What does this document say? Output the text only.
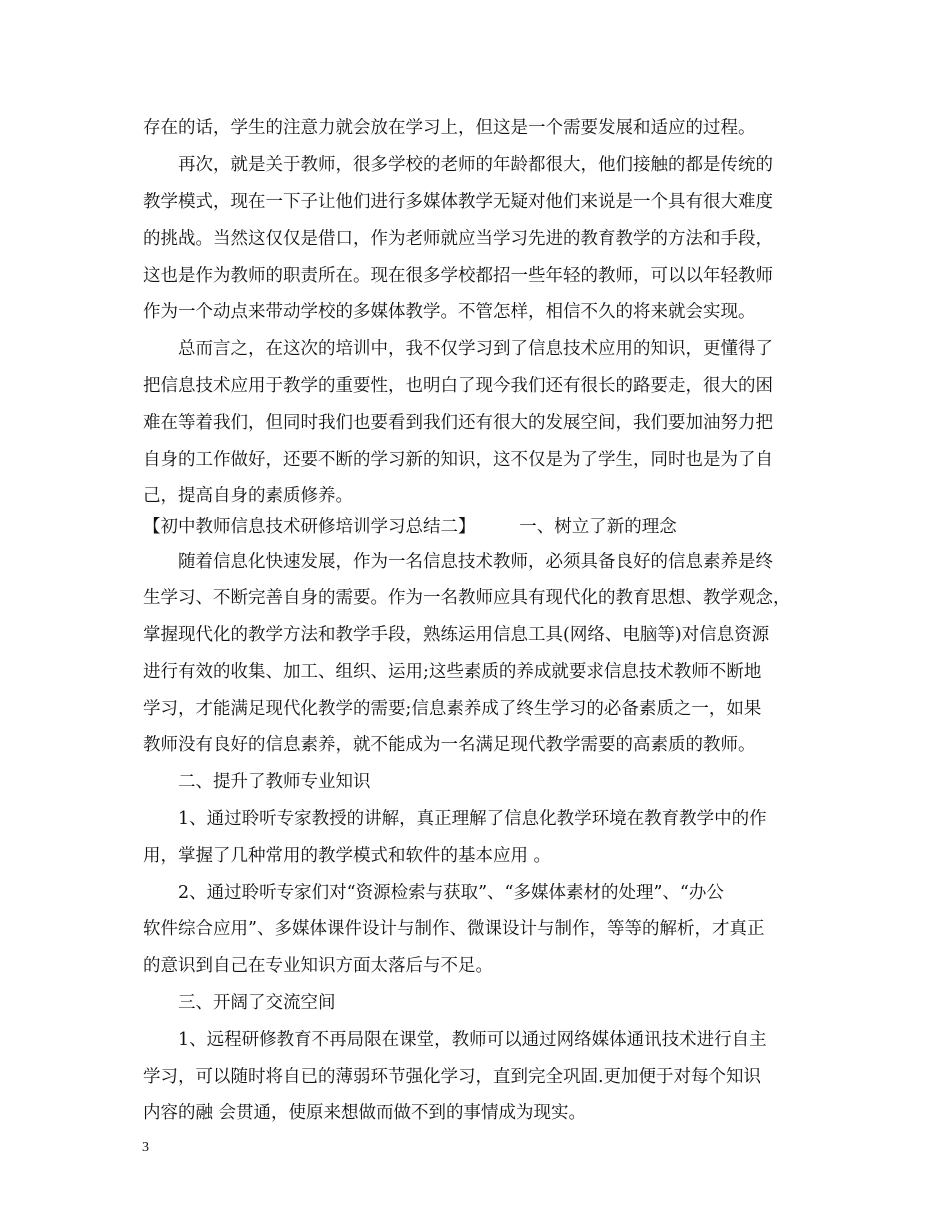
存在的话，学生的注意力就会放在学习上，但这是一个需要发展和适应的过程。
　　再次，就是关于教师，很多学校的老师的年龄都很大，他们接触的都是传统的
教学模式，现在一下子让他们进行多媒体教学无疑对他们来说是一个具有很大难度
的挑战。当然这仅仅是借口，作为老师就应当学习先进的教育教学的方法和手段，
这也是作为教师的职责所在。现在很多学校都招一些年轻的教师，可以以年轻教师
作为一个动点来带动学校的多媒体教学。不管怎样，相信不久的将来就会实现。
　　总而言之，在这次的培训中，我不仅学习到了信息技术应用的知识，更懂得了
把信息技术应用于教学的重要性，也明白了现今我们还有很长的路要走，很大的困
难在等着我们，但同时我们也要看到我们还有很大的发展空间，我们要加油努力把
自身的工作做好，还要不断的学习新的知识，这不仅是为了学生，同时也是为了自
己，提高自身的素质修养。
【初中教师信息技术研修培训学习总结二】　　　一、树立了新的理念
　　随着信息化快速发展，作为一名信息技术教师，必须具备良好的信息素养是终
生学习、不断完善自身的需要。作为一名教师应具有现代化的教育思想、教学观念，
掌握现代化的教学方法和教学手段，熟练运用信息工具(网络、电脑等)对信息资源
进行有效的收集、加工、组织、运用;这些素质的养成就要求信息技术教师不断地
学习，才能满足现代化教学的需要;信息素养成了终生学习的必备素质之一，如果
教师没有良好的信息素养，就不能成为一名满足现代教学需要的高素质的教师。
　　二、提升了教师专业知识
　　1、通过聆听专家教授的讲解，真正理解了信息化教学环境在教育教学中的作
用，掌握了几种常用的教学模式和软件的基本应用 。
　　2、通过聆听专家们对“资源检索与获取”、“多媒体素材的处理”、“办公
软件综合应用”、多媒体课件设计与制作、微课设计与制作，等等的解析，才真正
的意识到自己在专业知识方面太落后与不足。
　　三、开阔了交流空间
　　1、远程研修教育不再局限在课堂，教师可以通过网络媒体通讯技术进行自主
学习，可以随时将自已的薄弱环节强化学习，直到完全巩固.更加便于对每个知识
内容的融 会贯通，使原来想做而做不到的事情成为现实。
3
